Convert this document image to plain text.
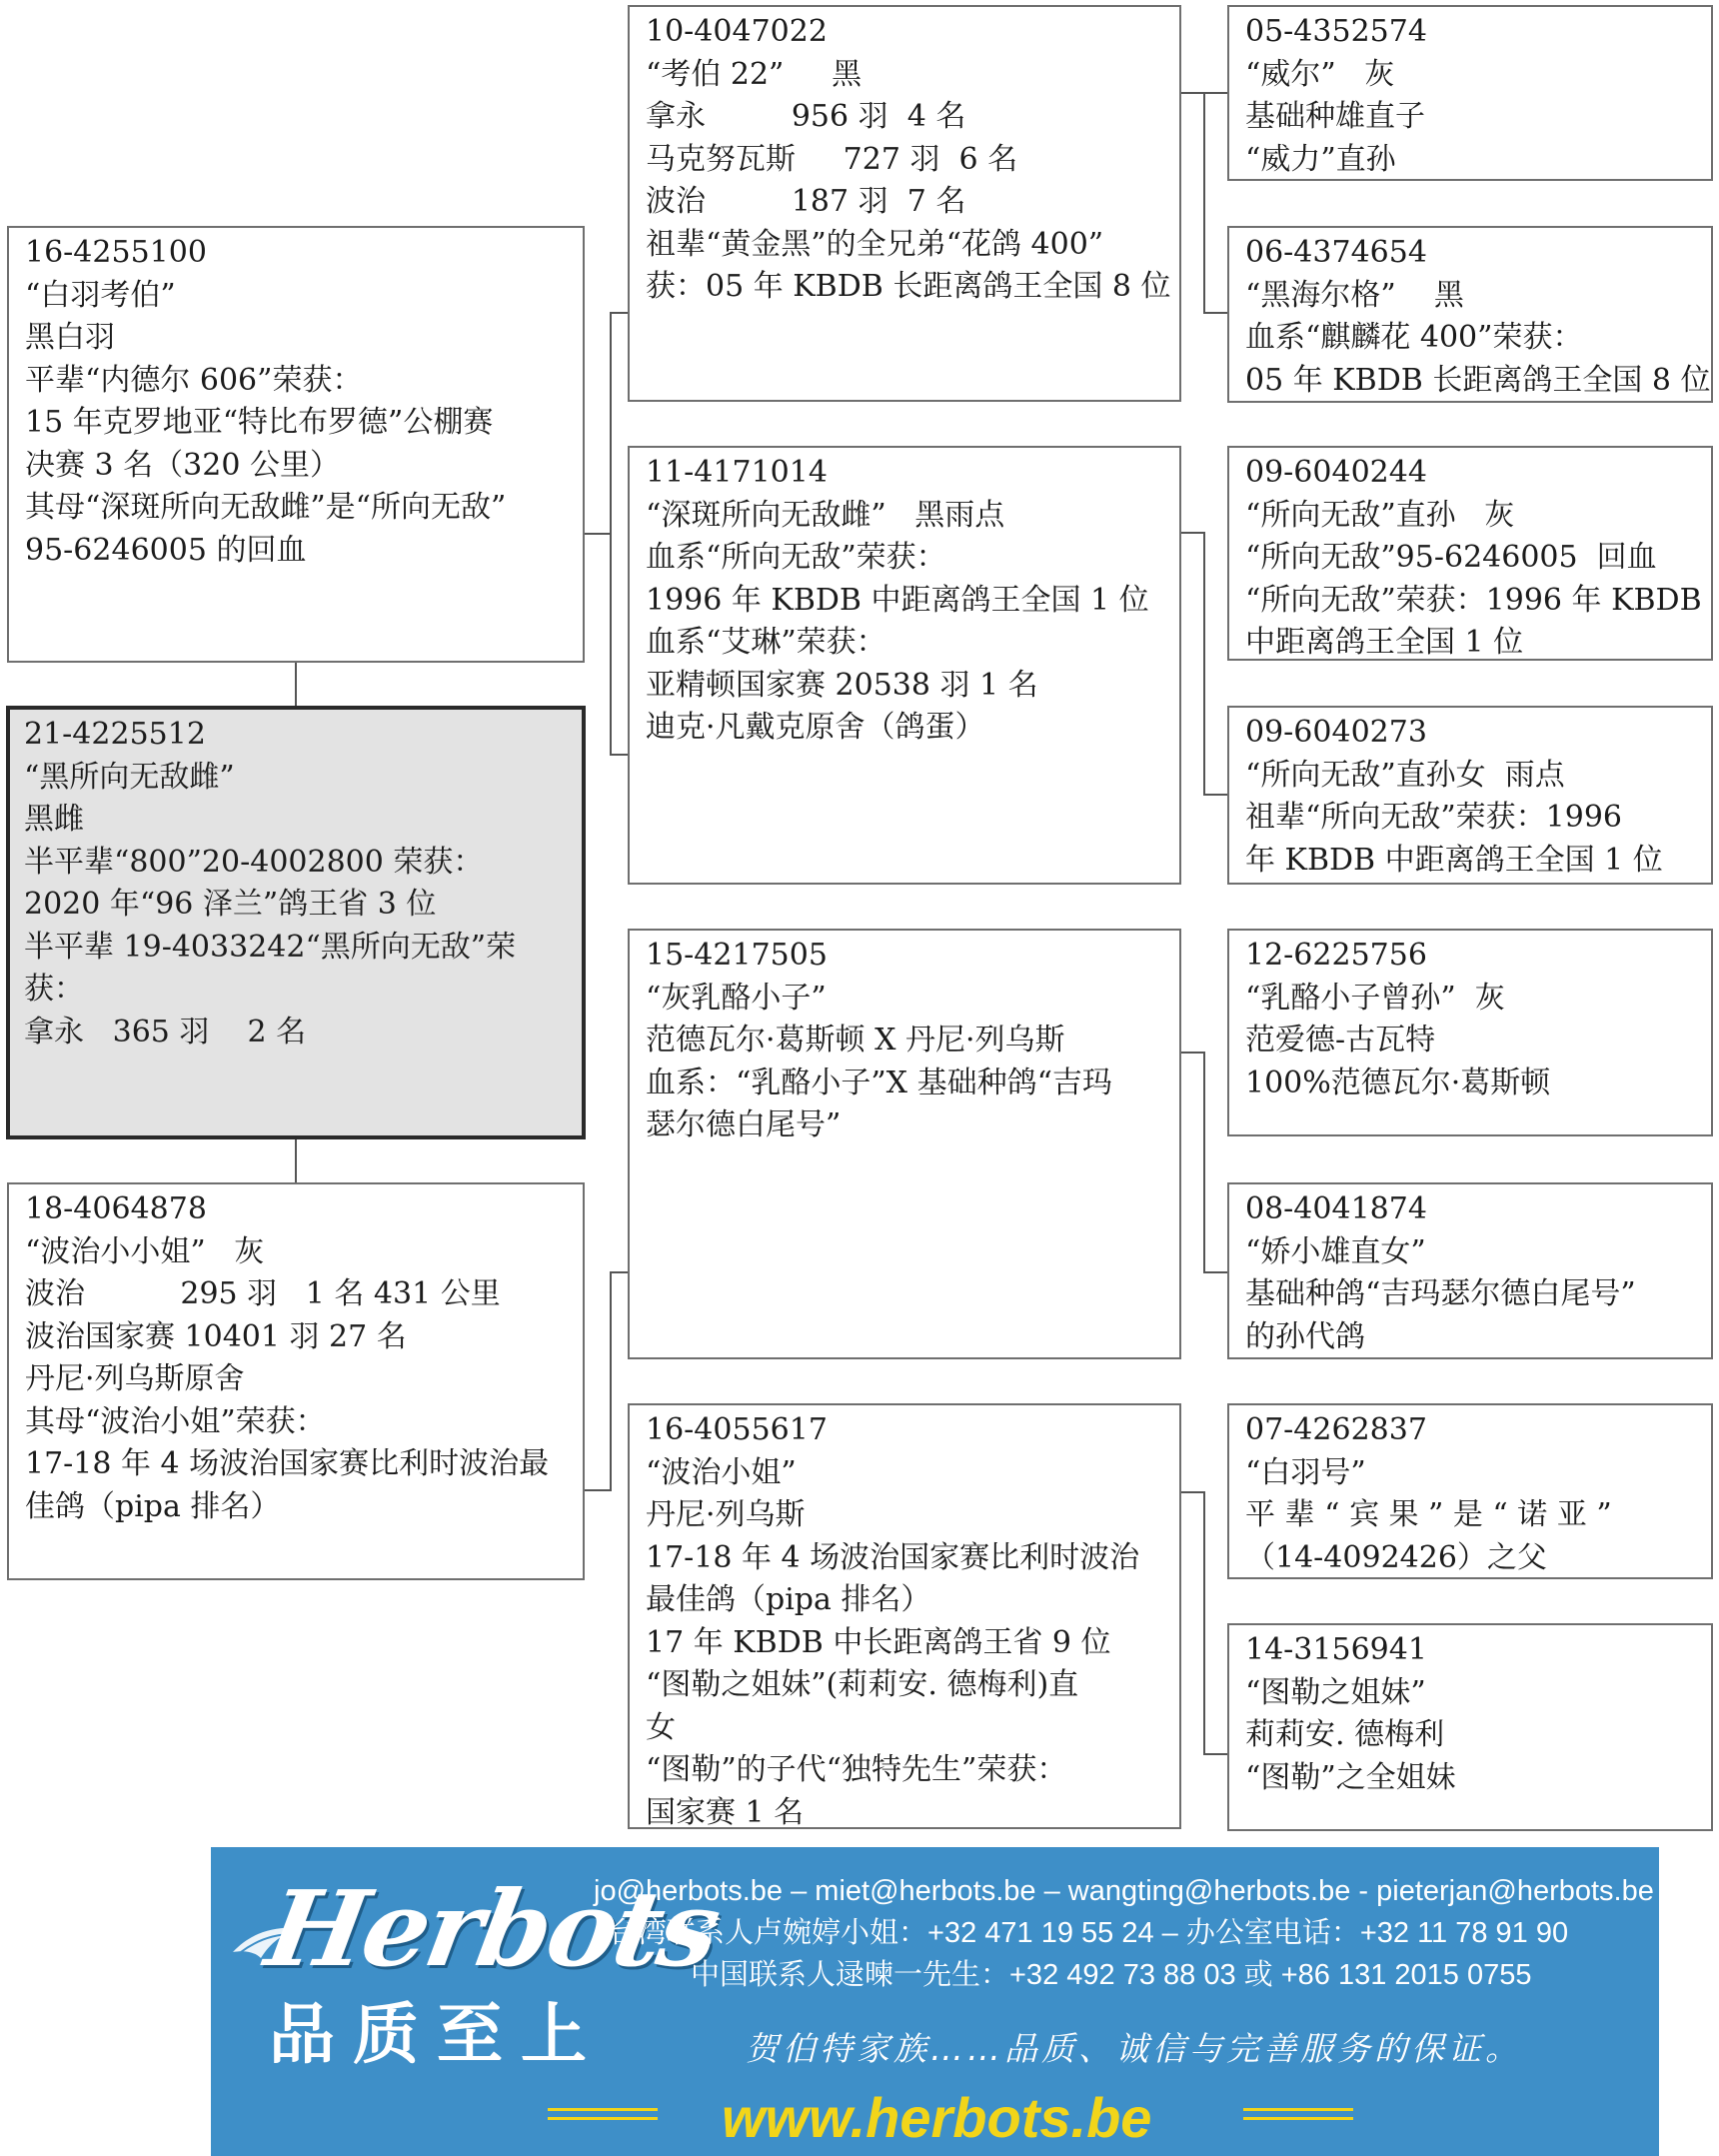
16-4255100
“白羽考伯”
黑白羽
平辈“内德尔 606”荣获：
15 年克罗地亚“特比布罗德”公棚赛
决赛 3 名（320 公里）
其母“深斑所向无敌雌”是“所向无敌”
95-6246005 的回血
21-4225512
“黑所向无敌雌”
黑雌
半平辈“800”20-4002800 荣获：
2020 年“96 泽兰”鸽王省 3 位
半平辈 19-4033242“黑所向无敌”荣
获：
拿永   365 羽    2 名
18-4064878
“波治小小姐”   灰
波治          295 羽   1 名 431 公里
波治国家赛 10401 羽 27 名
丹尼·列乌斯原舍
其母“波治小姐”荣获：
17-18 年 4 场波治国家赛比利时波治最
佳鸽（pipa 排名）
10-4047022
“考伯 22”     黑
拿永         956 羽  4 名
马克努瓦斯     727 羽  6 名
波治         187 羽  7 名
祖辈“黄金黑”的全兄弟“花鸽 400”
获：05 年 KBDB 长距离鸽王全国 8 位
11-4171014
“深斑所向无敌雌”   黑雨点
血系“所向无敌”荣获：
1996 年 KBDB 中距离鸽王全国 1 位
血系“艾琳”荣获：
亚精顿国家赛 20538 羽 1 名
迪克·凡戴克原舍（鸽蛋）
15-4217505
“灰乳酪小子”
范德瓦尔·葛斯顿 X 丹尼·列乌斯
血系：“乳酪小子”X 基础种鸽“吉玛
瑟尔德白尾号”
16-4055617
“波治小姐”
丹尼·列乌斯
17-18 年 4 场波治国家赛比利时波治
最佳鸽（pipa 排名）
17 年 KBDB 中长距离鸽王省 9 位
“图勒之姐妹”(莉莉安. 德梅利)直
女
“图勒”的子代“独特先生”荣获：
国家赛 1 名
05-4352574
“威尔”   灰
基础种雄直子
“威力”直孙
06-4374654
“黑海尔格”    黑
血系“麒麟花 400”荣获：
05 年 KBDB 长距离鸽王全国 8 位
09-6040244
“所向无敌”直孙   灰
“所向无敌”95-6246005  回血
“所向无敌”荣获：1996 年 KBDB
中距离鸽王全国 1 位
09-6040273
“所向无敌”直孙女  雨点
祖辈“所向无敌”荣获：1996
年 KBDB 中距离鸽王全国 1 位
12-6225756
“乳酪小子曾孙”  灰
范爱德-古瓦特
100%范德瓦尔·葛斯顿
08-4041874
“娇小雄直女”
基础种鸽“吉玛瑟尔德白尾号”
的孙代鸽
07-4262837
“白羽号”
平 辈 “ 宾 果 ” 是 “ 诺 亚 ”
（14-4092426）之父
14-3156941
“图勒之姐妹”
莉莉安. 德梅利
“图勒”之全姐妹
Herbots
品质至上
jo@herbots.be – miet@herbots.be – wangting@herbots.be - pieterjan@herbots.be
台湾联系人卢婉婷小姐：+32 471 19 55 24 – 办公室电话：+32 11 78 91 90
中国联系人逯暕一先生：+32 492 73 88 03 或 +86 131 2015 0755
贺伯特家族……品质、诚信与完善服务的保证。
www.herbots.be
